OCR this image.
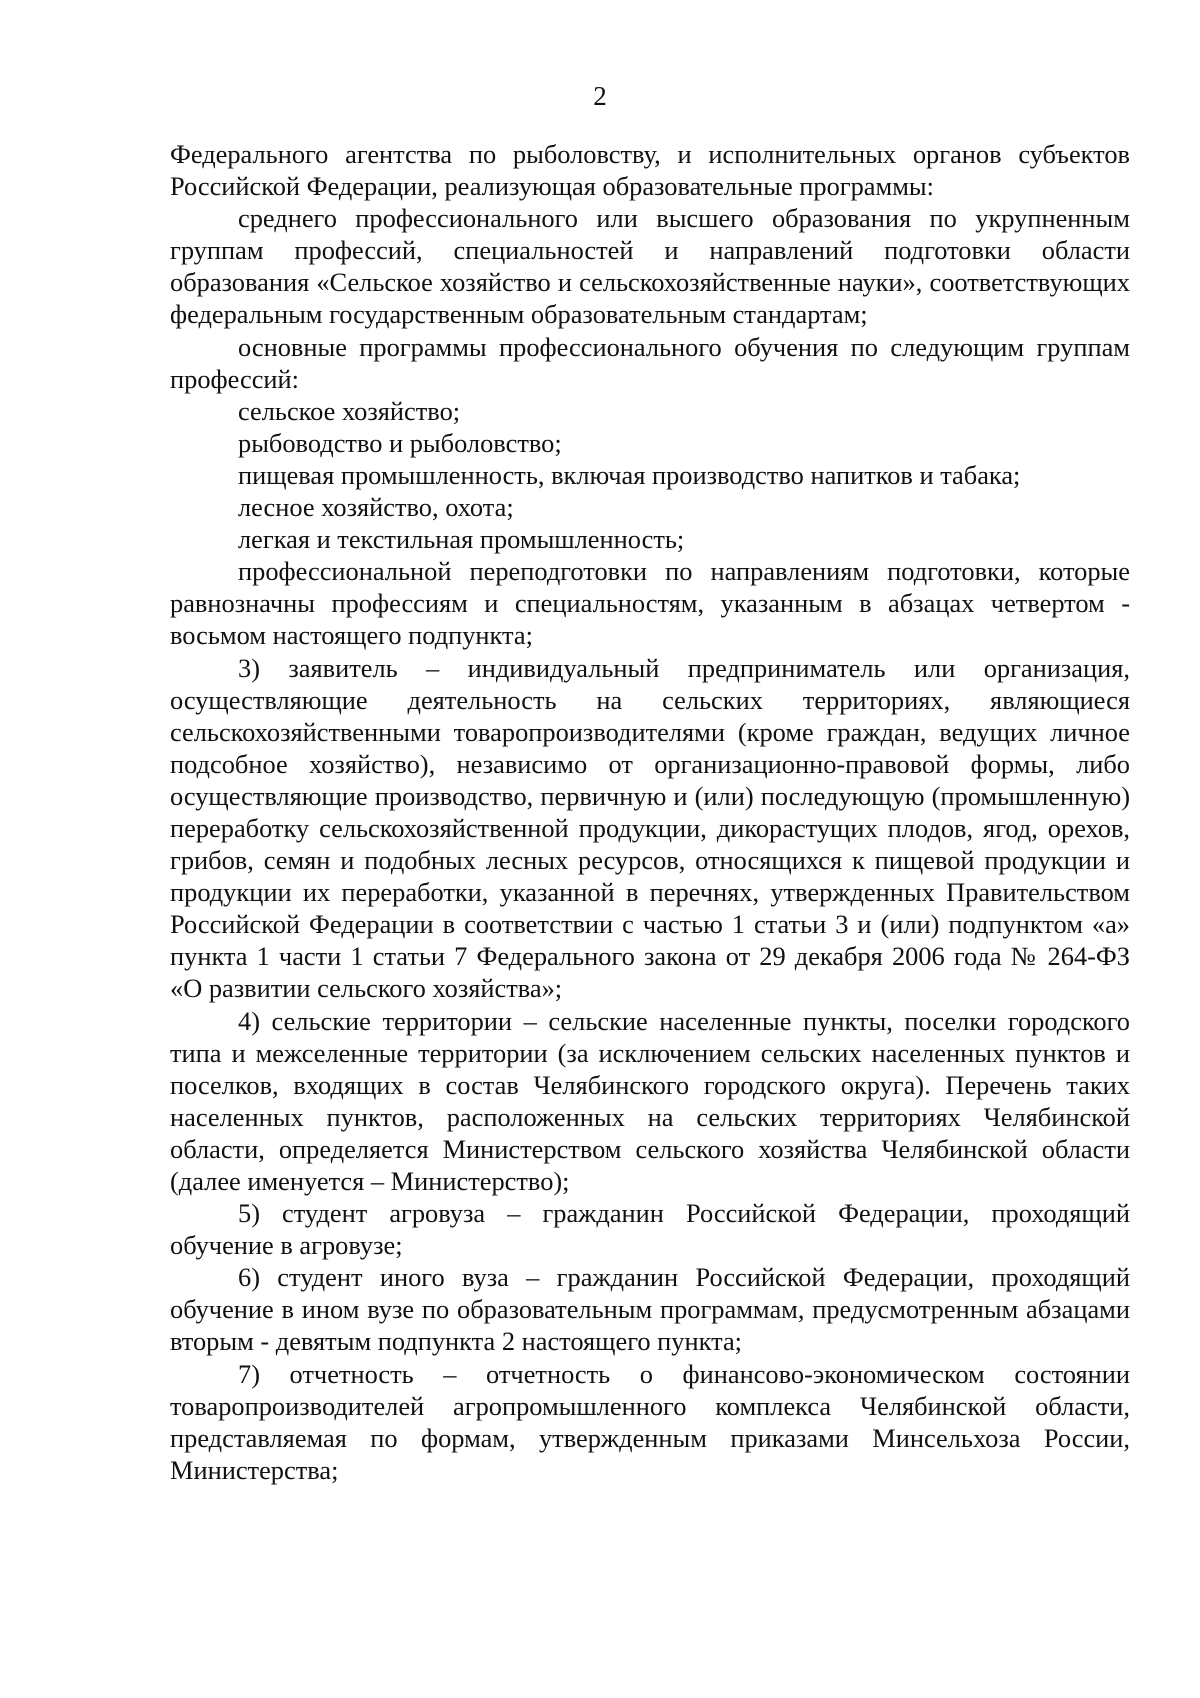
2

Федерального агентства по рыболовству, и исполнительных органов субъектов Российской Федерации, реализующая образовательные программы:

среднего профессионального или высшего образования по укрупненным группам профессий, специальностей и направлений подготовки области образования «Сельское хозяйство и сельскохозяйственные науки», соответствующих федеральным государственным образовательным стандартам;

основные программы профессионального обучения по следующим группам профессий:

сельское хозяйство;

рыбоводство и рыболовство;

пищевая промышленность, включая производство напитков и табака;

лесное хозяйство, охота;

легкая и текстильная промышленность;

профессиональной переподготовки по направлениям подготовки, которые равнозначны профессиям и специальностям, указанным в абзацах четвертом - восьмом настоящего подпункта;

3) заявитель – индивидуальный предприниматель или организация, осуществляющие деятельность на сельских территориях, являющиеся сельскохозяйственными товаропроизводителями (кроме граждан, ведущих личное подсобное хозяйство), независимо от организационно-правовой формы, либо осуществляющие производство, первичную и (или) последующую (промышленную) переработку сельскохозяйственной продукции, дикорастущих плодов, ягод, орехов, грибов, семян и подобных лесных ресурсов, относящихся к пищевой продукции и продукции их переработки, указанной в перечнях, утвержденных Правительством Российской Федерации в соответствии с частью 1 статьи 3 и (или) подпунктом «а» пункта 1 части 1 статьи 7 Федерального закона от 29 декабря 2006 года № 264-ФЗ «О развитии сельского хозяйства»;

4) сельские территории – сельские населенные пункты, поселки городского типа и межселенные территории (за исключением сельских населенных пунктов и поселков, входящих в состав Челябинского городского округа). Перечень таких населенных пунктов, расположенных на сельских территориях Челябинской области, определяется Министерством сельского хозяйства Челябинской области (далее именуется – Министерство);

5) студент агровуза – гражданин Российской Федерации, проходящий обучение в агровузе;

6) студент иного вуза – гражданин Российской Федерации, проходящий обучение в ином вузе по образовательным программам, предусмотренным абзацами вторым - девятым подпункта 2 настоящего пункта;

7) отчетность – отчетность о финансово-экономическом состоянии товаропроизводителей агропромышленного комплекса Челябинской области, представляемая по формам, утвержденным приказами Минсельхоза России, Министерства;
